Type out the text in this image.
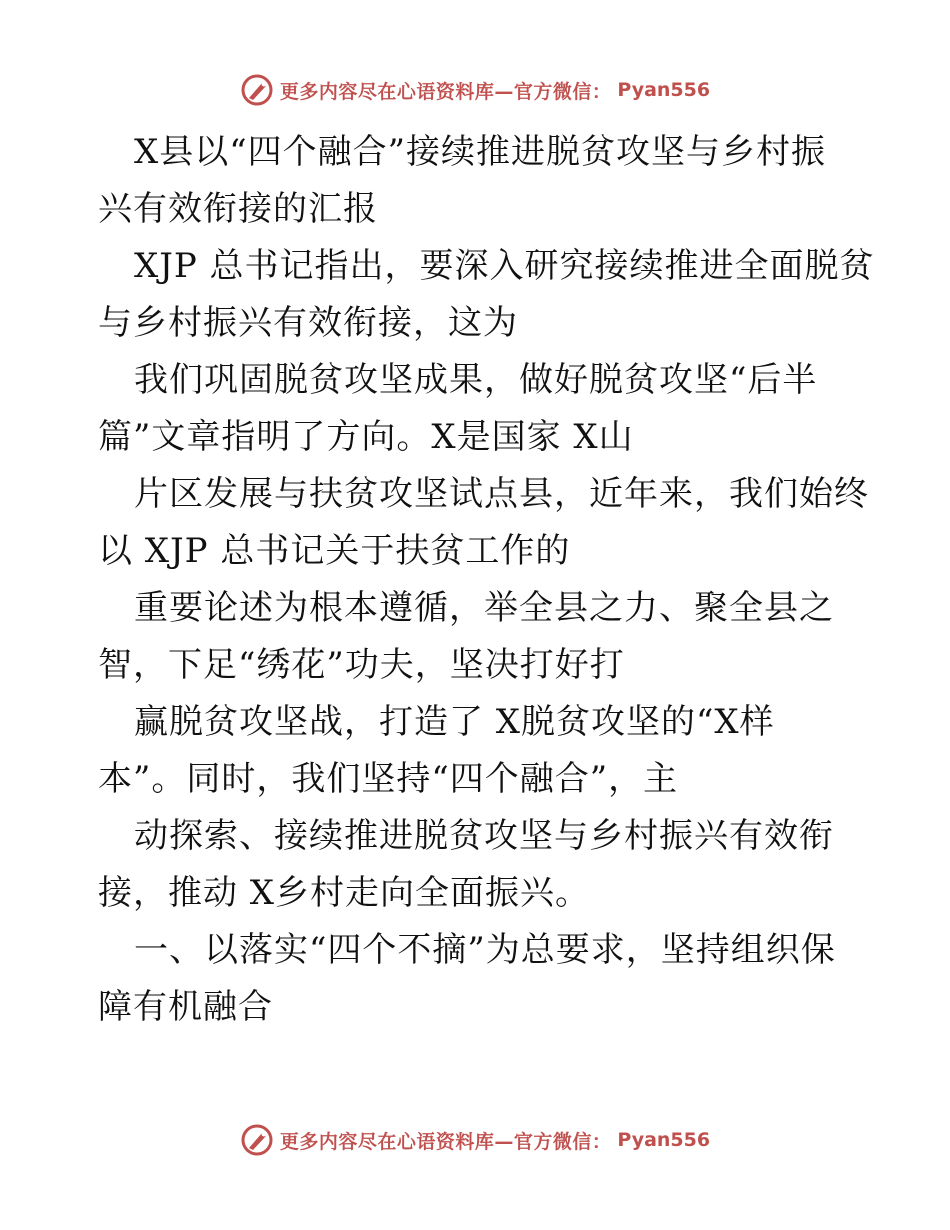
更多内容尽在心语资料库—官方微信： Pyan556
X县以“四个融合”接续推进脱贫攻坚与乡村振
兴有效衔接的汇报
XJP 总书记指出，要深入研究接续推进全面脱贫
与乡村振兴有效衔接，这为
我们巩固脱贫攻坚成果，做好脱贫攻坚“后半
篇”文章指明了方向。X是国家 X山
片区发展与扶贫攻坚试点县，近年来，我们始终
以 XJP 总书记关于扶贫工作的
重要论述为根本遵循，举全县之力、聚全县之
智，下足“绣花”功夫，坚决打好打
赢脱贫攻坚战，打造了 X脱贫攻坚的“X样
本”。同时，我们坚持“四个融合”，主
动探索、接续推进脱贫攻坚与乡村振兴有效衔
接，推动 X乡村走向全面振兴。
一、以落实“四个不摘”为总要求，坚持组织保
障有机融合
更多内容尽在心语资料库—官方微信： Pyan556
